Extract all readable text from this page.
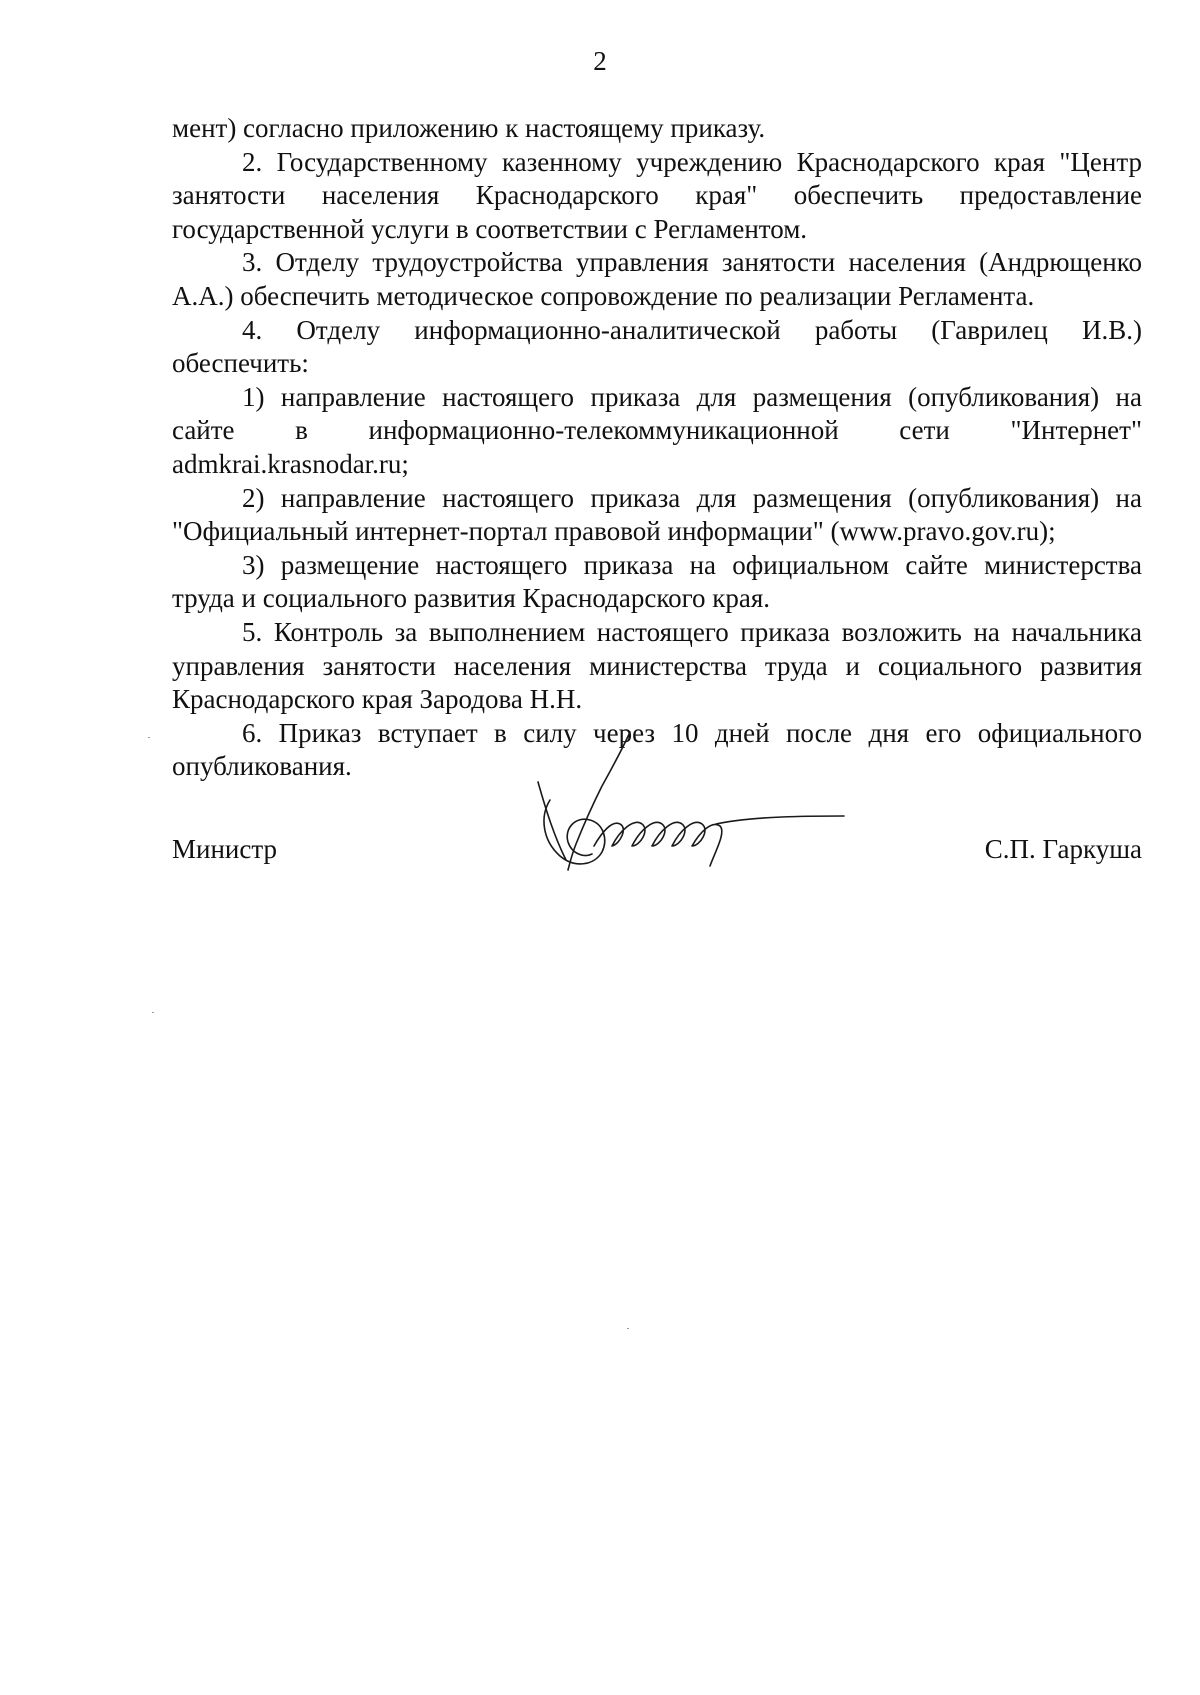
2

мент) согласно приложению к настоящему приказу.

2. Государственному казенному учреждению Краснодарского края "Центр занятости населения Краснодарского края" обеспечить предоставление государственной услуги в соответствии с Регламентом.

3. Отделу трудоустройства управления занятости населения (Андрющенко А.А.) обеспечить методическое сопровождение по реализации Регламента.

4. Отделу информационно-аналитической работы (Гаврилец И.В.) обеспечить:

1) направление настоящего приказа для размещения (опубликования) на сайте в информационно-телекоммуникационной сети "Интернет" admkrai.krasnodar.ru;

2) направление настоящего приказа для размещения (опубликования) на "Официальный интернет-портал правовой информации" (www.pravo.gov.ru);

3) размещение настоящего приказа на официальном сайте министерства труда и социального развития Краснодарского края.

5. Контроль за выполнением настоящего приказа возложить на начальника управления занятости населения министерства труда и социального развития Краснодарского края Зародова Н.Н.

6. Приказ вступает в силу через 10 дней после дня его официального опубликования.

Министр	С.П. Гаркуша
